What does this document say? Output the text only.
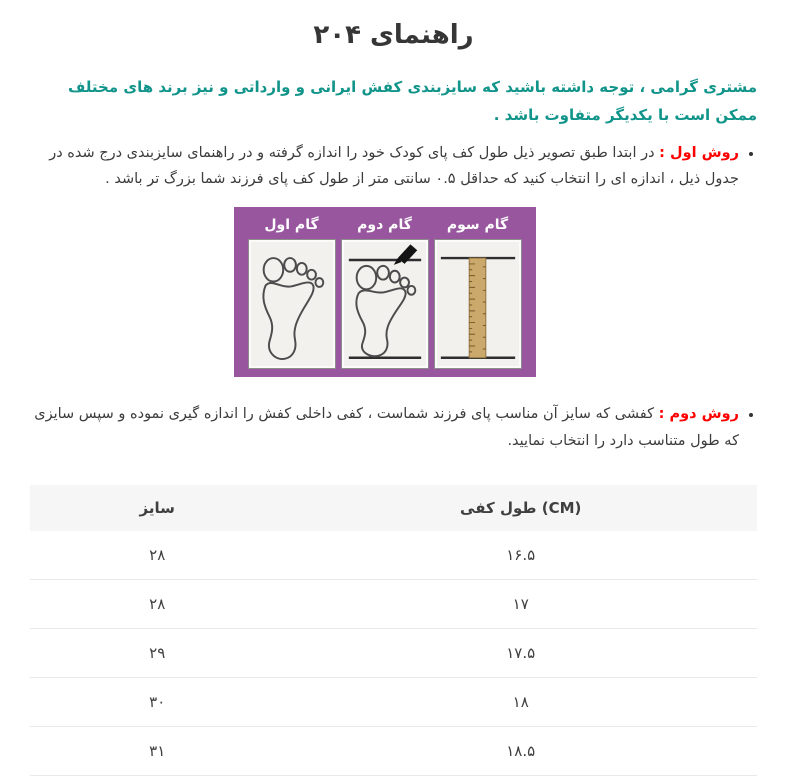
راهنمای ۲۰۴

مشتری گرامی ، توجه داشته باشید که سایزبندی کفش ایرانی و وارداتی و نیز برند های مختلف ممکن است با یکدیگر متفاوت باشد .

• روش اول : در ابتدا طبق تصویر ذیل طول کف پای کودک خود را اندازه گرفته و در راهنمای سایزبندی درج شده در جدول ذیل ، اندازه ای را انتخاب کنید که حداقل ۰.۵ سانتی متر از طول کف پای فرزند شما بزرگ تر باشد .
گام اول	گام دوم	گام سوم
• روش دوم : کفشی که سایز آن مناسب پای فرزند شماست ، کفی داخلی کفش را اندازه گیری نموده و سپس سایزی که طول متناسب دارد را انتخاب نمایید.
طول کفی (CM)	سایز
۱۶.۵	۲۸
۱۷	۲۸
۱۷.۵	۲۹
۱۸	۳۰
۱۸.۵	۳۱
